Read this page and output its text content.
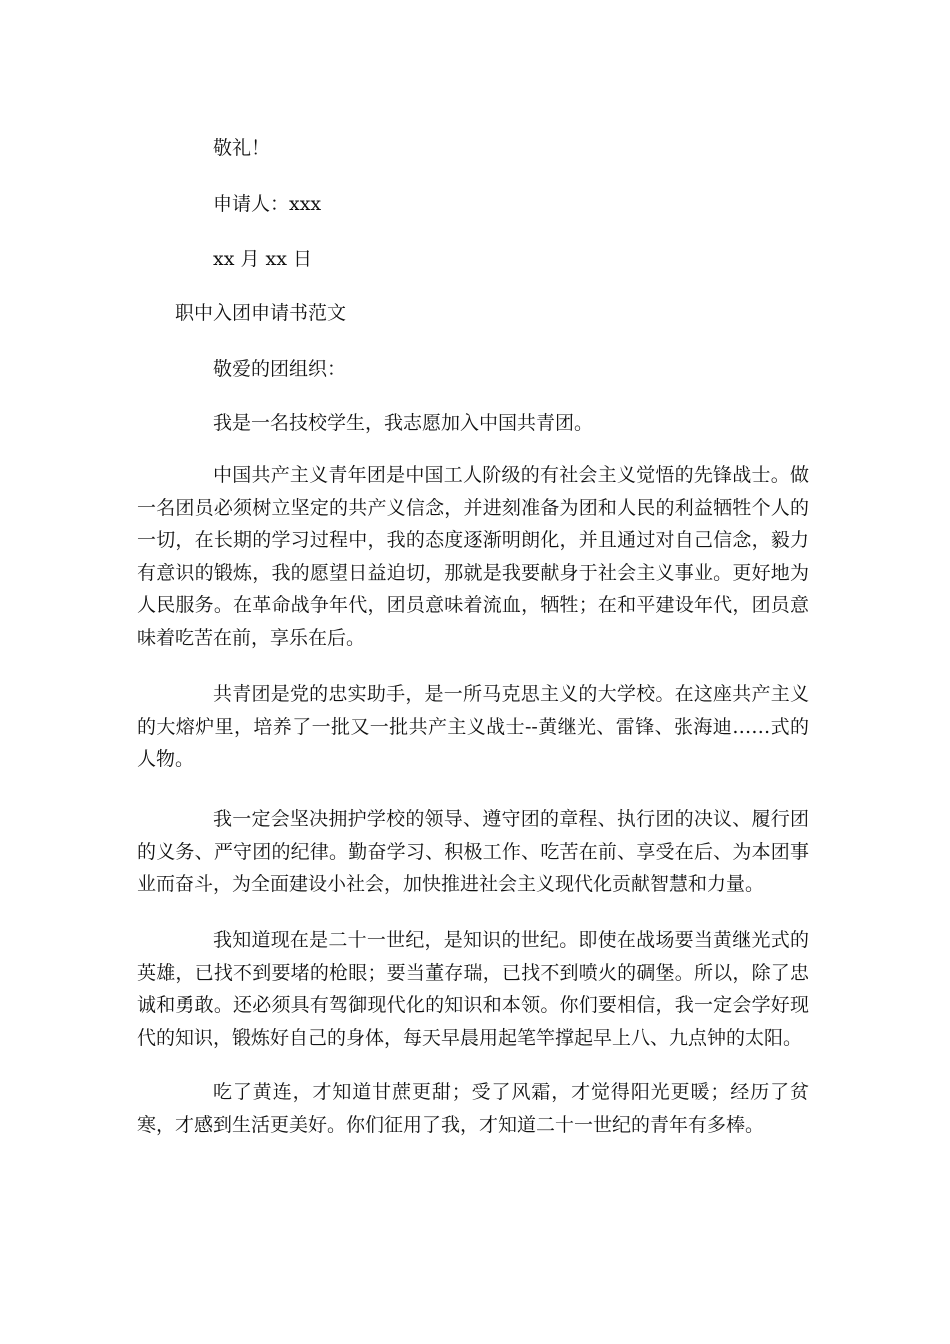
敬礼！
申请人：xxx
xx 月 xx 日
职中入团申请书范文
敬爱的团组织：
我是一名技校学生，我志愿加入中国共青团。

中国共产主义青年团是中国工人阶级的有社会主义觉悟的先锋战士。做一名团员必须树立坚定的共产义信念，并进刻准备为团和人民的利益牺牲个人的一切，在长期的学习过程中，我的态度逐渐明朗化，并且通过对自己信念，毅力有意识的锻炼，我的愿望日益迫切，那就是我要献身于社会主义事业。更好地为人民服务。在革命战争年代，团员意味着流血，牺牲；在和平建设年代，团员意味着吃苦在前，享乐在后。

共青团是党的忠实助手，是一所马克思主义的大学校。在这座共产主义的大熔炉里，培养了一批又一批共产主义战士--黄继光、雷锋、张海迪……式的人物。

我一定会坚决拥护学校的领导、遵守团的章程、执行团的决议、履行团的义务、严守团的纪律。勤奋学习、积极工作、吃苦在前、享受在后、为本团事业而奋斗，为全面建设小社会，加快推进社会主义现代化贡献智慧和力量。

我知道现在是二十一世纪，是知识的世纪。即使在战场要当黄继光式的英雄，已找不到要堵的枪眼；要当董存瑞，已找不到喷火的碉堡。所以，除了忠诚和勇敢。还必须具有驾御现代化的知识和本领。你们要相信，我一定会学好现代的知识，锻炼好自己的身体，每天早晨用起笔竿撑起早上八、九点钟的太阳。

吃了黄连，才知道甘蔗更甜；受了风霜，才觉得阳光更暖；经历了贫寒，才感到生活更美好。你们征用了我，才知道二十一世纪的青年有多棒。
